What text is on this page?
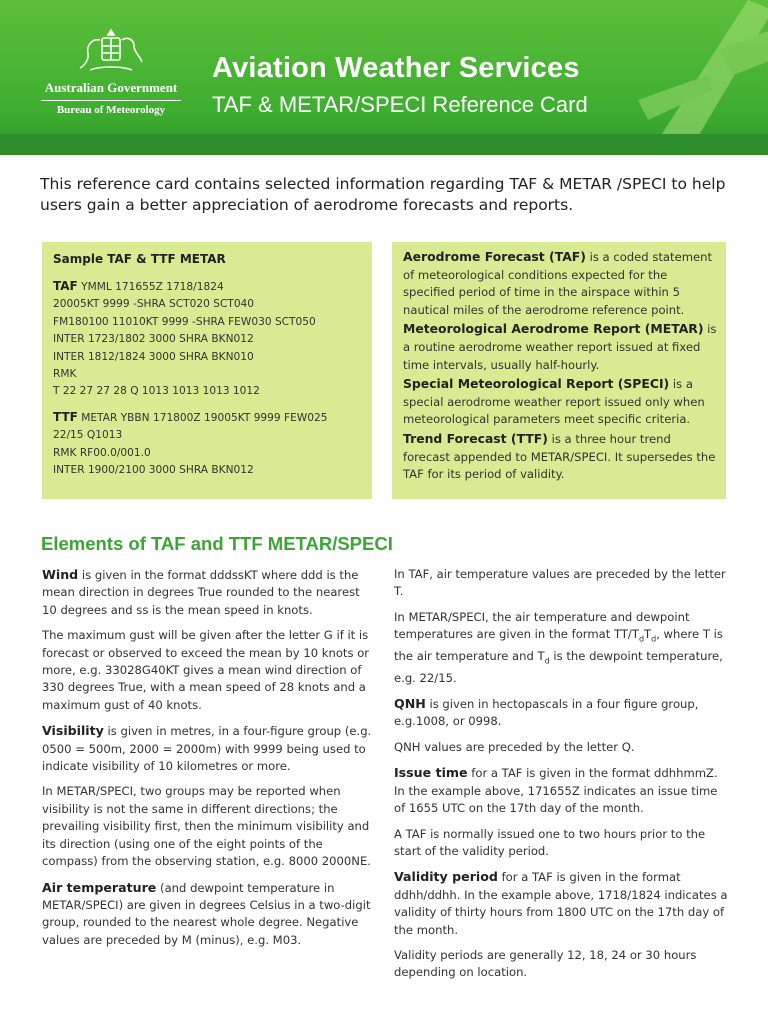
Australian Government
Bureau of Meteorology
Aviation Weather Services
TAF & METAR/SPECI Reference Card
This reference card contains selected information regarding TAF & METAR /SPECI to help users gain a better appreciation of aerodrome forecasts and reports.
Sample TAF & TTF METAR
TAF YMML 171655Z 1718/1824
20005KT 9999 -SHRA SCT020 SCT040
FM180100 11010KT 9999 -SHRA FEW030 SCT050
INTER 1723/1802 3000 SHRA BKN012
INTER 1812/1824 3000 SHRA BKN010
RMK
T 22 27 27 28 Q 1013 1013 1013 1012
TTF METAR YBBN 171800Z 19005KT 9999 FEW025
22/15 Q1013
RMK RF00.0/001.0
INTER 1900/2100 3000 SHRA BKN012

Aerodrome Forecast (TAF) is a coded statement of meteorological conditions expected for the specified period of time in the airspace within 5 nautical miles of the aerodrome reference point.

Meteorological Aerodrome Report (METAR) is a routine aerodrome weather report issued at fixed time intervals, usually half-hourly.

Special Meteorological Report (SPECI) is a special aerodrome weather report issued only when meteorological parameters meet specific criteria.

Trend Forecast (TTF) is a three hour trend forecast appended to METAR/SPECI. It supersedes the TAF for its period of validity.

Elements of TAF and TTF METAR/SPECI

Wind is given in the format dddssKT where ddd is the mean direction in degrees True rounded to the nearest 10 degrees and ss is the mean speed in knots.

The maximum gust will be given after the letter G if it is forecast or observed to exceed the mean by 10 knots or more, e.g. 33028G40KT gives a mean wind direction of 330 degrees True, with a mean speed of 28 knots and a maximum gust of 40 knots.

Visibility is given in metres, in a four-figure group (e.g. 0500 = 500m, 2000 = 2000m) with 9999 being used to indicate visibility of 10 kilometres or more.

In METAR/SPECI, two groups may be reported when visibility is not the same in different directions; the prevailing visibility first, then the minimum visibility and its direction (using one of the eight points of the compass) from the observing station, e.g. 8000 2000NE.

Air temperature (and dewpoint temperature in METAR/SPECI) are given in degrees Celsius in a two-digit group, rounded to the nearest whole degree. Negative values are preceded by M (minus), e.g. M03.

In TAF, air temperature values are preceded by the letter T.

In METAR/SPECI, the air temperature and dewpoint temperatures are given in the format $TT/T_dT_d$, where T is the air temperature and $T_d$ is the dewpoint temperature, e.g. 22/15.

QNH is given in hectopascals in a four figure group, e.g.1008, or 0998.

QNH values are preceded by the letter Q.

Issue time for a TAF is given in the format ddhhmmZ. In the example above, 171655Z indicates an issue time of 1655 UTC on the 17th day of the month.

A TAF is normally issued one to two hours prior to the start of the validity period.

Validity period for a TAF is given in the format ddhh/ddhh. In the example above, 1718/1824 indicates a validity of thirty hours from 1800 UTC on the 17th day of the month.

Validity periods are generally 12, 18, 24 or 30 hours depending on location.
